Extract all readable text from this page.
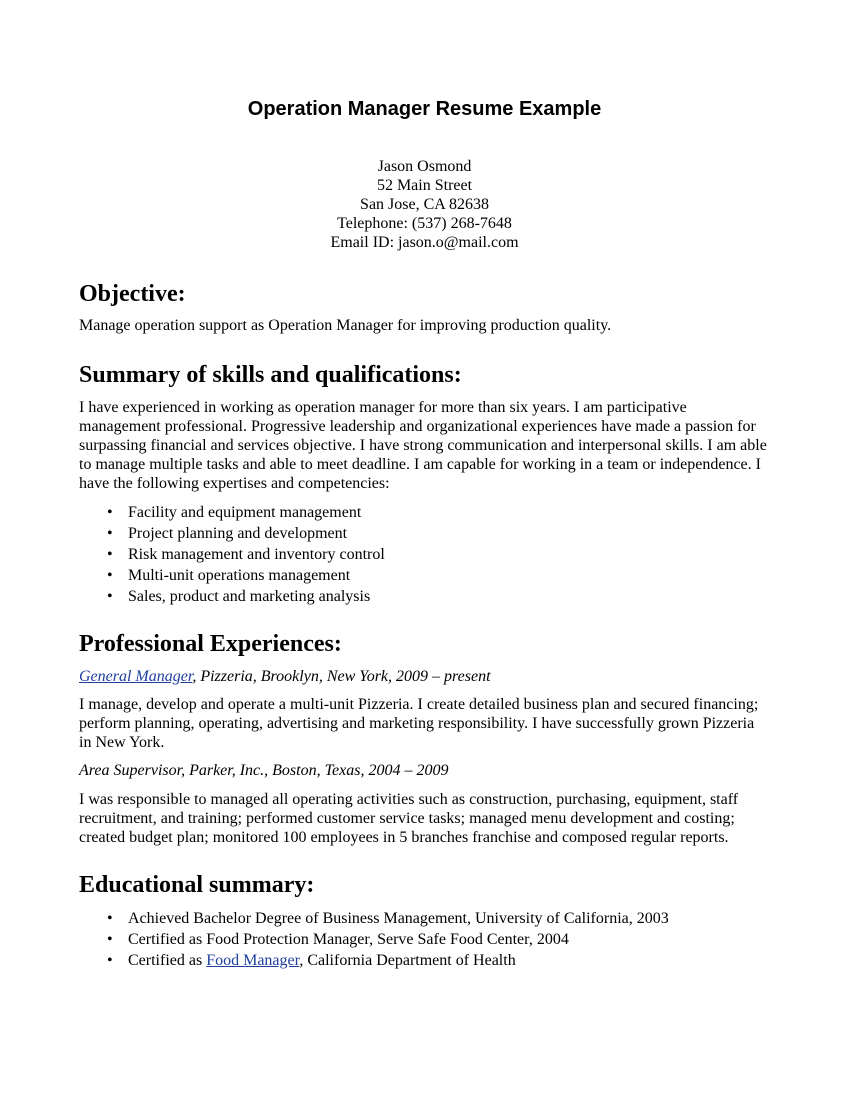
Operation Manager Resume Example
Jason Osmond
52 Main Street
San Jose, CA 82638
Telephone: (537) 268-7648
Email ID: jason.o@mail.com
Objective:
Manage operation support as Operation Manager for improving production quality.
Summary of skills and qualifications:
I have experienced in working as operation manager for more than six years. I am participative management professional. Progressive leadership and organizational experiences have made a passion for surpassing financial and services objective. I have strong communication and interpersonal skills. I am able to manage multiple tasks and able to meet deadline. I am capable for working in a team or independence. I have the following expertises and competencies:
• Facility and equipment management
• Project planning and development
• Risk management and inventory control
• Multi-unit operations management
• Sales, product and marketing analysis
Professional Experiences:
General Manager, Pizzeria, Brooklyn, New York, 2009 – present
I manage, develop and operate a multi-unit Pizzeria. I create detailed business plan and secured financing; perform planning, operating, advertising and marketing responsibility. I have successfully grown Pizzeria in New York.
Area Supervisor, Parker, Inc., Boston, Texas, 2004 – 2009
I was responsible to managed all operating activities such as construction, purchasing, equipment, staff recruitment, and training; performed customer service tasks; managed menu development and costing; created budget plan; monitored 100 employees in 5 branches franchise and composed regular reports.
Educational summary:
• Achieved Bachelor Degree of Business Management, University of California, 2003
• Certified as Food Protection Manager, Serve Safe Food Center, 2004
• Certified as Food Manager, California Department of Health
